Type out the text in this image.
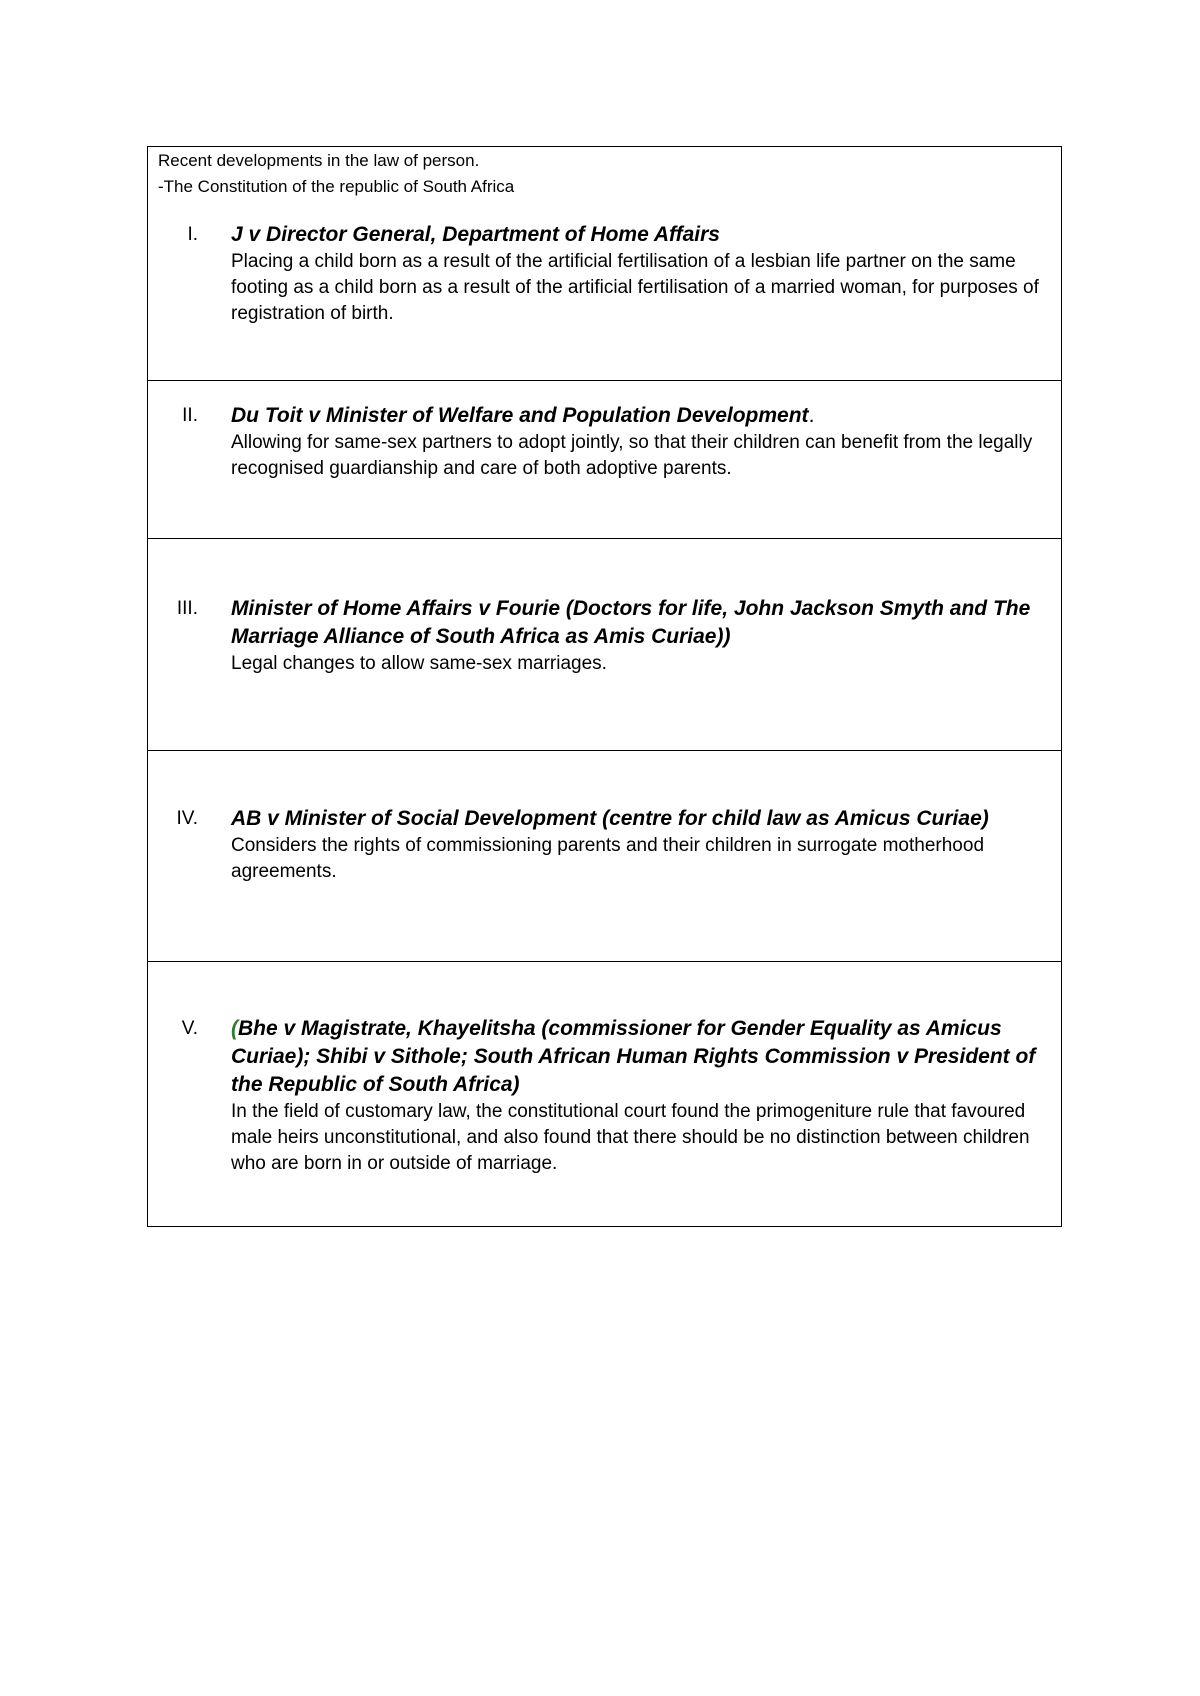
Recent developments in the law of person.
-The Constitution of the republic of South Africa
I. J v Director General, Department of Home Affairs
Placing a child born as a result of the artificial fertilisation of a lesbian life partner on the same footing as a child born as a result of the artificial fertilisation of a married woman, for purposes of registration of birth.
II. Du Toit v Minister of Welfare and Population Development.
Allowing for same-sex partners to adopt jointly, so that their children can benefit from the legally recognised guardianship and care of both adoptive parents.
III. Minister of Home Affairs v Fourie (Doctors for life, John Jackson Smyth and The Marriage Alliance of South Africa as Amis Curiae))
Legal changes to allow same-sex marriages.
IV. AB v Minister of Social Development (centre for child law as Amicus Curiae)
Considers the rights of commissioning parents and their children in surrogate motherhood agreements.
V. (Bhe v Magistrate, Khayelitsha (commissioner for Gender Equality as Amicus Curiae); Shibi v Sithole; South African Human Rights Commission v President of the Republic of South Africa)
In the field of customary law, the constitutional court found the primogeniture rule that favoured male heirs unconstitutional, and also found that there should be no distinction between children who are born in or outside of marriage.
